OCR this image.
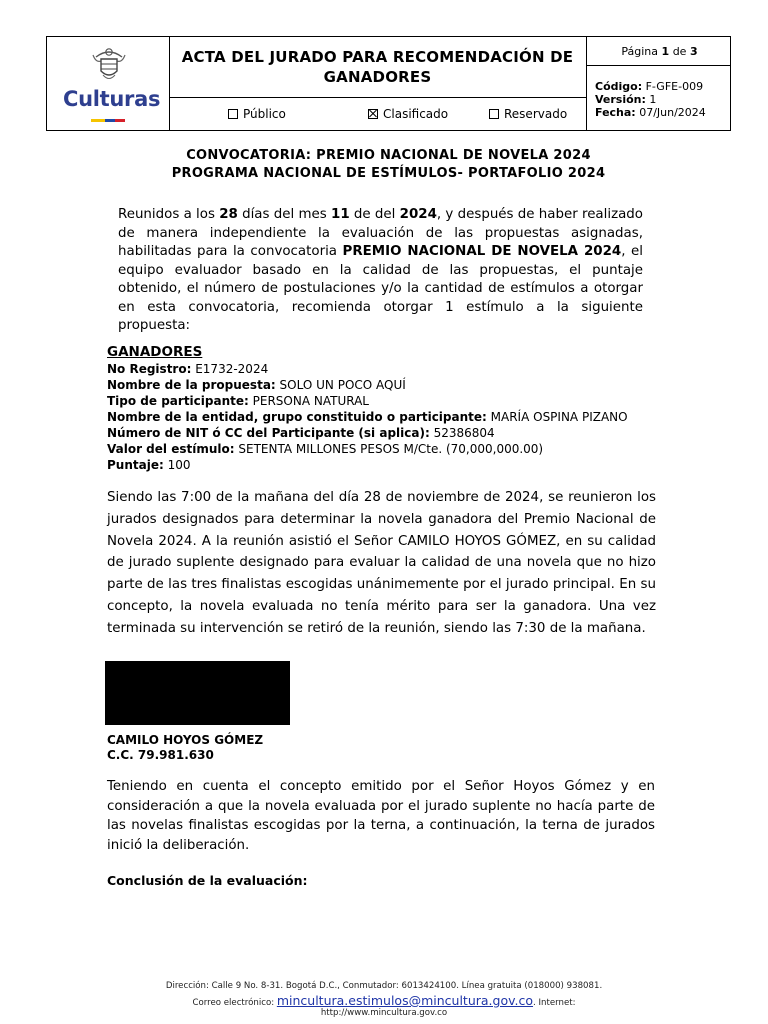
Culturas
ACTA DEL JURADO PARA RECOMENDACIÓN DE GANADORES
Público	Clasificado	Reservado
Página
1
de
3
Código: F-GFE-009
Versión: 1
Fecha: 07/Jun/2024
CONVOCATORIA: PREMIO NACIONAL DE NOVELA 2024
PROGRAMA NACIONAL DE ESTÍMULOS- PORTAFOLIO 2024
Reunidos a los 28 días del mes 11 de del 2024, y después de haber realizado de manera independiente la evaluación de las propuestas asignadas, habilitadas para la convocatoria PREMIO NACIONAL DE NOVELA 2024, el equipo evaluador basado en la calidad de las propuestas, el puntaje obtenido, el número de postulaciones y/o la cantidad de estímulos a otorgar en esta convocatoria, recomienda otorgar 1 estímulo a la siguiente propuesta:
GANADORES
No Registro: E1732-2024
Nombre de la propuesta: SOLO UN POCO AQUÍ
Tipo de participante: PERSONA NATURAL
Nombre de la entidad, grupo constituido o participante: MARÍA OSPINA PIZANO
Número de NIT ó CC del Participante (si aplica): 52386804
Valor del estímulo: SETENTA MILLONES PESOS M/Cte. (70,000,000.00)
Puntaje: 100
Siendo las 7:00 de la mañana del día 28 de noviembre de 2024, se reunieron los jurados designados para determinar la novela ganadora del Premio Nacional de Novela 2024. A la reunión asistió el Señor CAMILO HOYOS GÓMEZ, en su calidad de jurado suplente designado para evaluar la calidad de una novela que no hizo parte de las tres finalistas escogidas unánimemente por el jurado principal. En su concepto, la novela evaluada no tenía mérito para ser la ganadora. Una vez terminada su intervención se retiró de la reunión, siendo las 7:30 de la mañana.
CAMILO HOYOS GÓMEZ
C.C. 79.981.630
Teniendo en cuenta el concepto emitido por el Señor Hoyos Gómez y en consideración a que la novela evaluada por el jurado suplente no hacía parte de las novelas finalistas escogidas por la terna, a continuación, la terna de jurados inició la deliberación.
Conclusión de la evaluación:
Dirección: Calle 9 No. 8-31. Bogotá D.C., Conmutador: 6013424100. Línea gratuita (018000) 938081.
Correo electrónico: mincultura.estimulos@mincultura.gov.co. Internet:
http://www.mincultura.gov.co
